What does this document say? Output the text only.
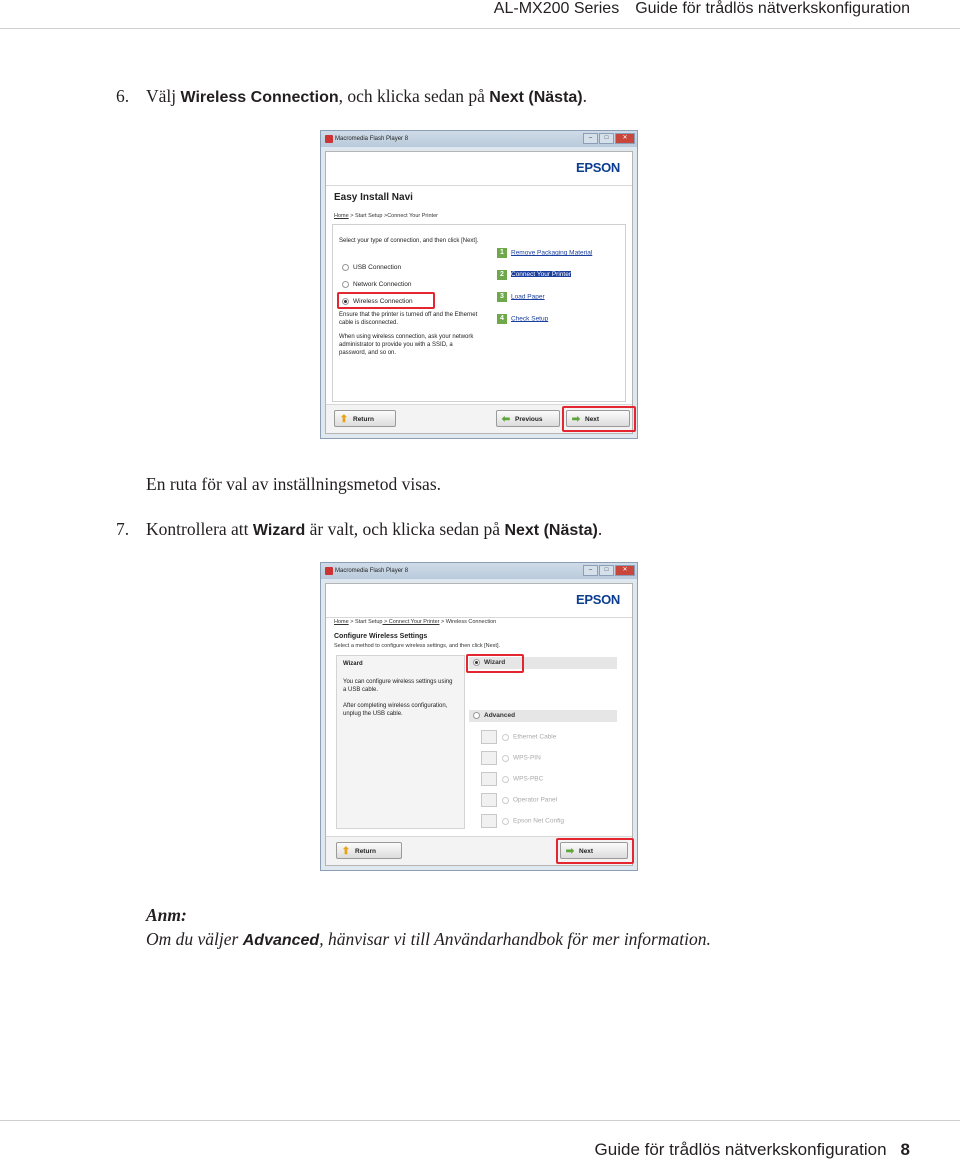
AL-MX200 Series Guide för trådlös nätverkskonfiguration
6. Välj Wireless Connection, och klicka sedan på Next (Nästa).
Macromedia Flash Player 8	–	□	✕
EPSON
Easy Install Navi
Home > Start Setup >Connect Your Printer
Select your type of connection, and then click [Next].
USB Connection
Network Connection
Wireless Connection
Ensure that the printer is turned off and the Ethernet cable is disconnected.
When using wireless connection, ask your network administrator to provide you with a SSID, a password, and so on.
1 Remove Packaging Material
2 Connect Your Printer
3 Load Paper
4 Check Setup
⬆ Return	⬅ Previous	➡ Next
En ruta för val av inställningsmetod visas.
7. Kontrollera att Wizard är valt, och klicka sedan på Next (Nästa).
Macromedia Flash Player 8	–	□	✕
EPSON
Home > Start Setup > Connect Your Printer > Wireless Connection
Configure Wireless Settings
Select a method to configure wireless settings, and then click [Next].
Wizard
You can configure wireless settings using a USB cable.
After completing wireless configuration, unplug the USB cable.
Wizard
Advanced
Ethernet Cable
WPS-PIN
WPS-PBC
Operator Panel
Epson Net Config
⬆ Return	➡ Next
Anm:
Om du väljer Advanced, hänvisar vi till Användarhandbok för mer information.
Guide för trådlös nätverkskonfiguration 8
